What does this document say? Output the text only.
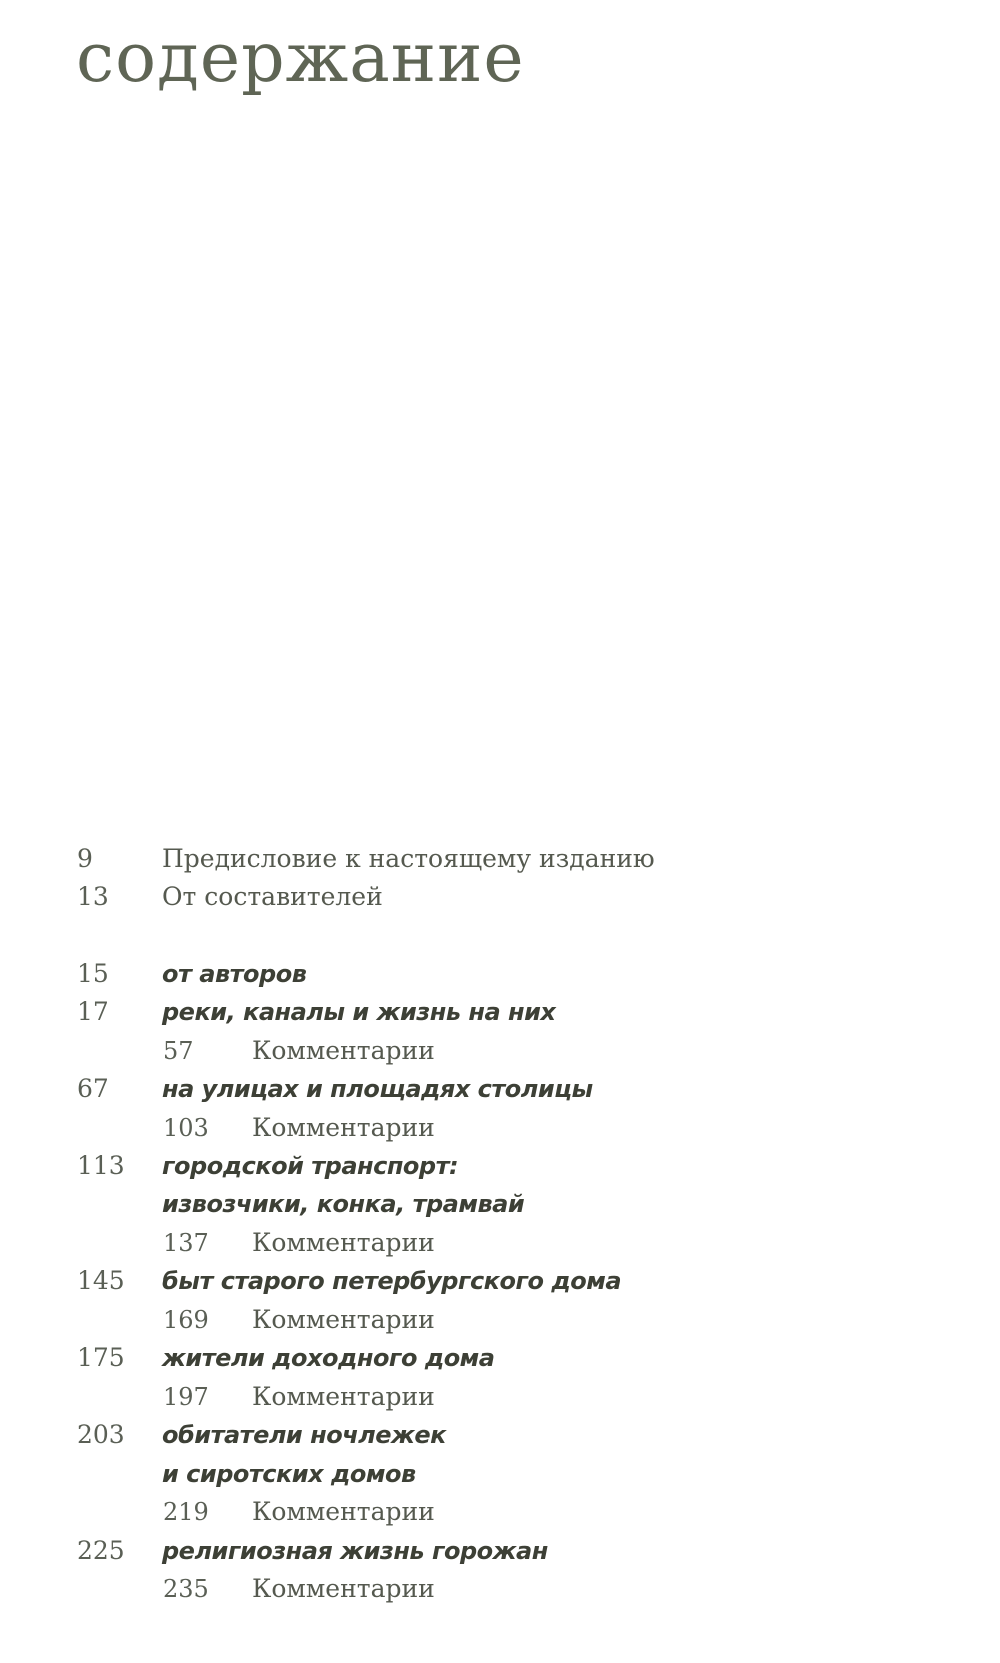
содержание
9	Предисловие к настоящему изданию
13 От составителей
15 от авторов
17 реки, каналы и жизнь на них
57 Комментарии
67 на улицах и площадях столицы
103 Комментарии
113 городской транспорт:
извозчики, конка, трамвай
137 Комментарии
145 быт старого петербургского дома
169 Комментарии
175 жители доходного дома
197 Комментарии
203 обитатели ночлежек
и сиротских домов
219 Комментарии
225 религиозная жизнь горожан
235 Комментарии
